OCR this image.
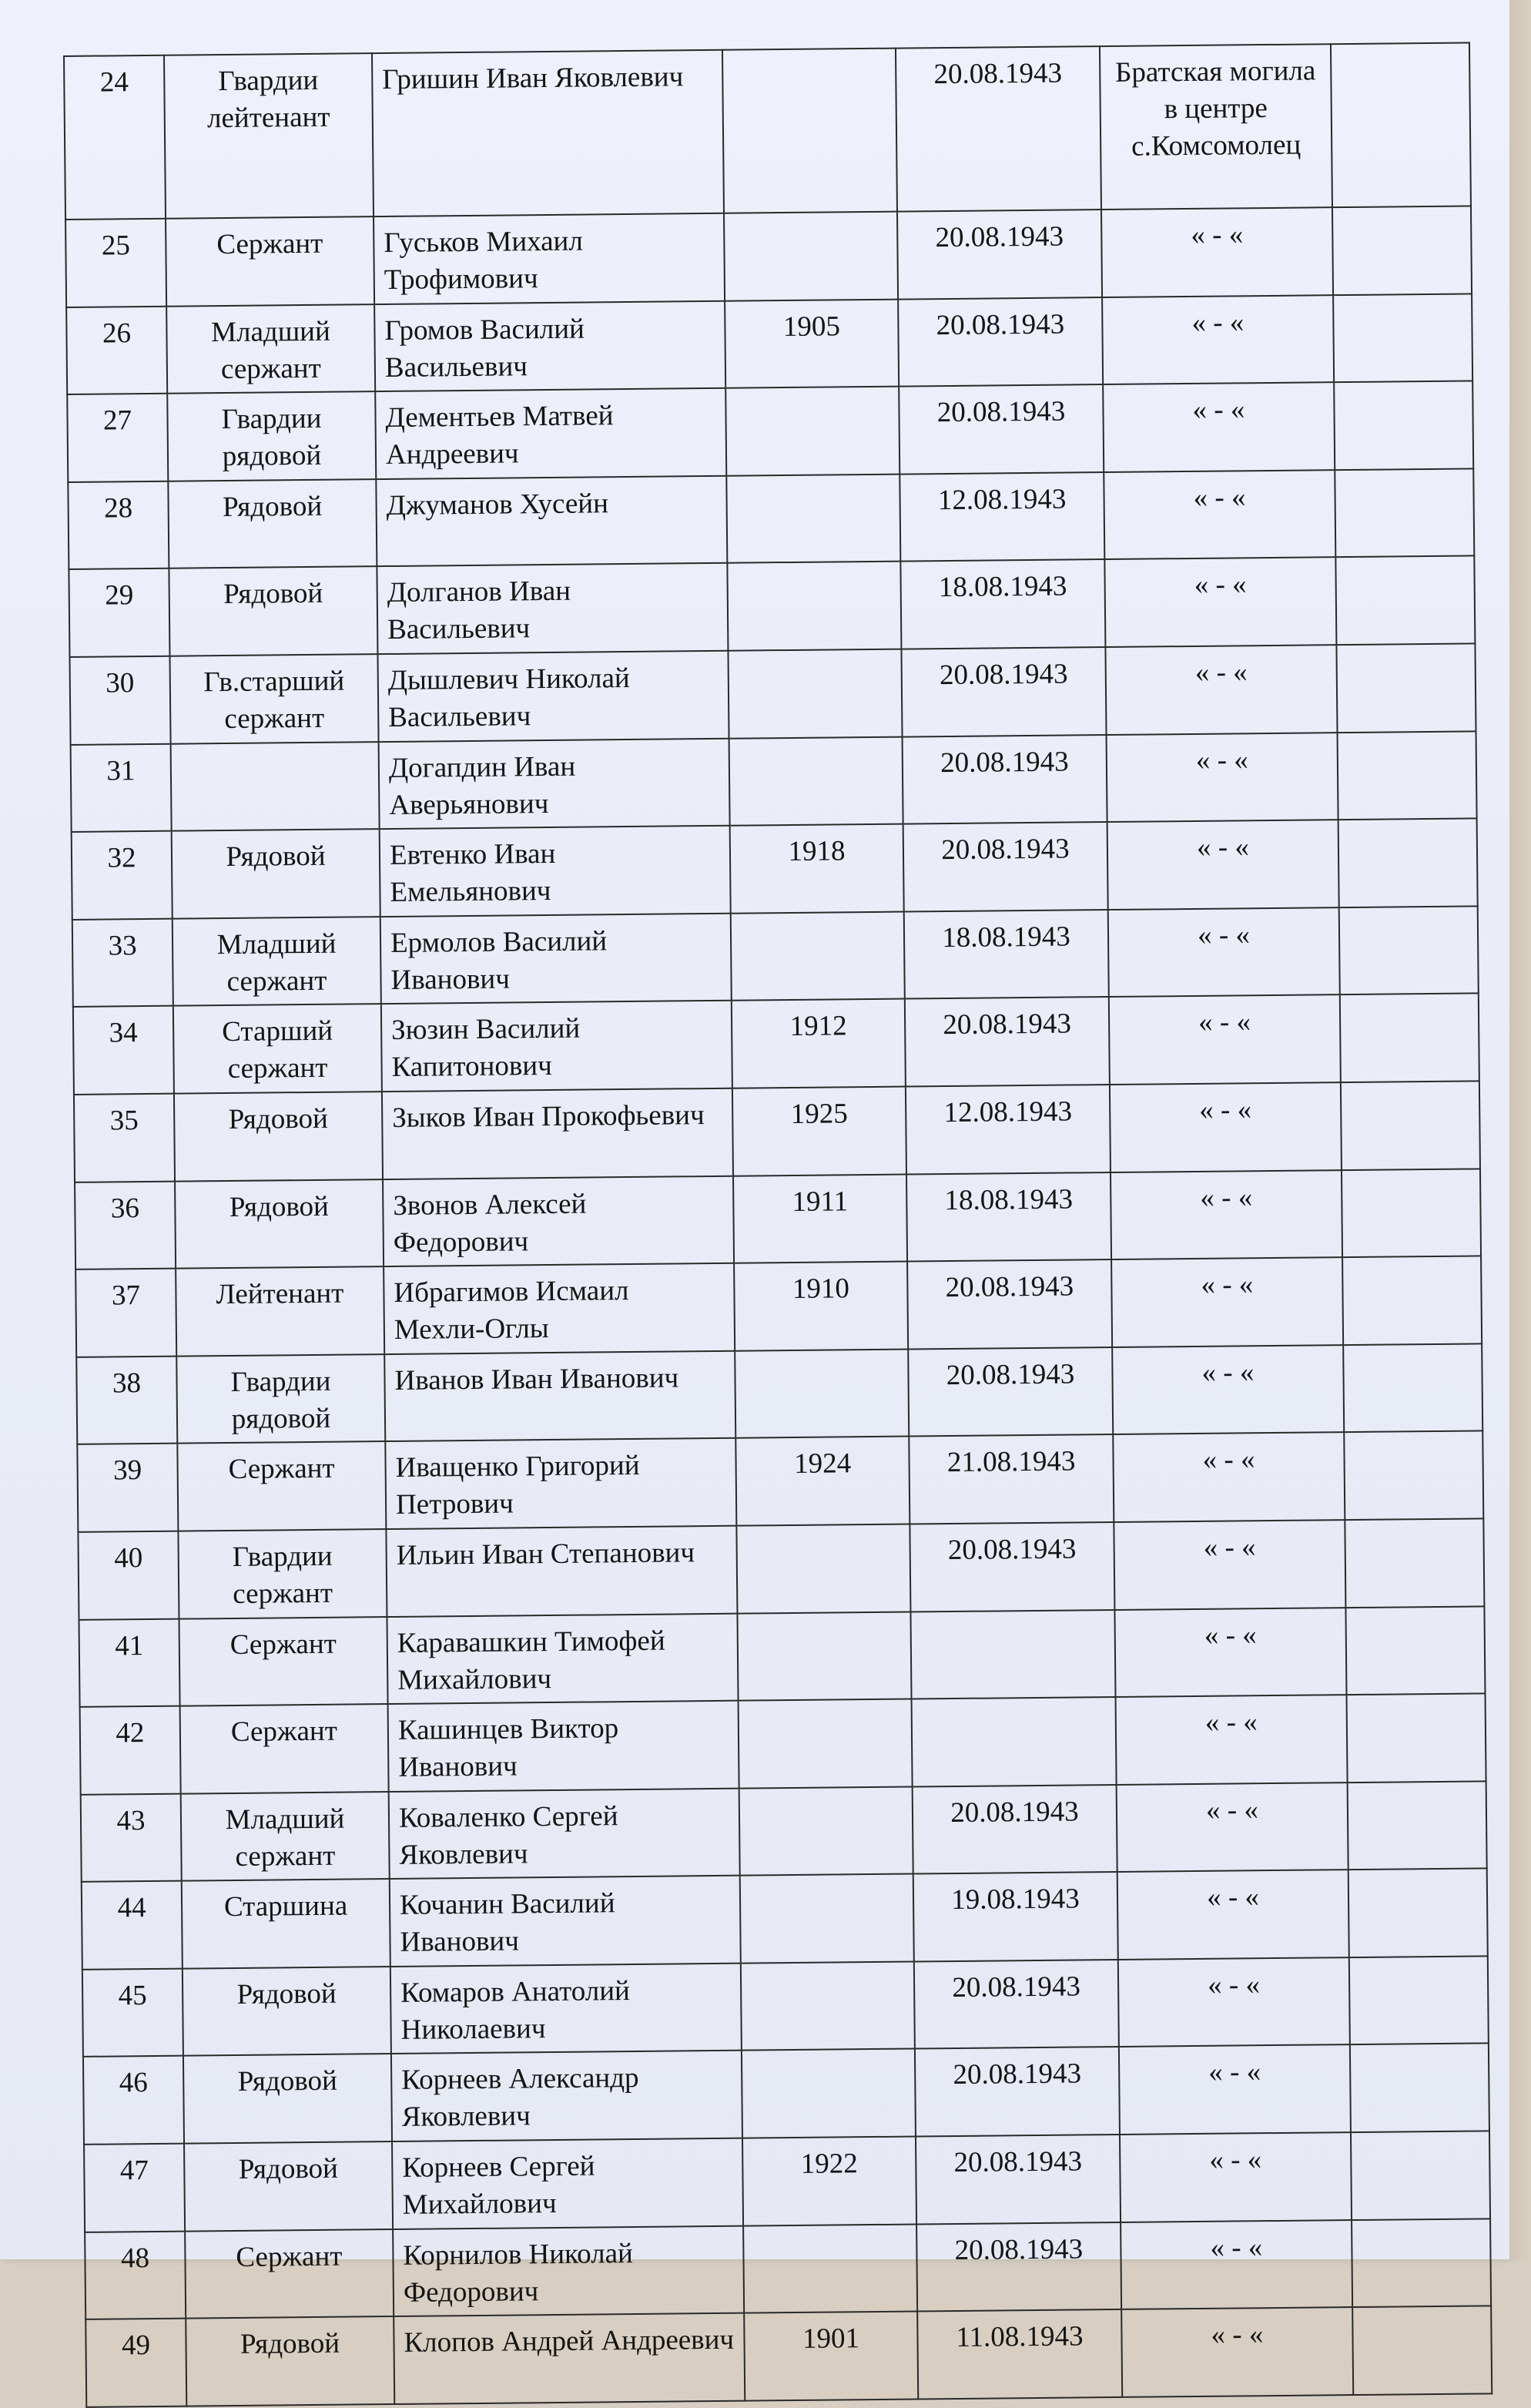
24	Гвардии лейтенант	Гришин Иван Яковлевич		20.08.1943	Братская могила в центре с.Комсомолец	
25	Сержант	Гуськов Михаил Трофимович		20.08.1943	« - «	
26	Младший сержант	Громов Василий Васильевич	1905	20.08.1943	« - «	
27	Гвардии рядовой	Дементьев Матвей Андреевич		20.08.1943	« - «	
28	Рядовой	Джуманов Хусейн		12.08.1943	« - «	
29	Рядовой	Долганов Иван Васильевич		18.08.1943	« - «	
30	Гв.старший сержант	Дышлевич Николай Васильевич		20.08.1943	« - «	
31		Догапдин Иван Аверьянович		20.08.1943	« - «	
32	Рядовой	Евтенко Иван Емельянович	1918	20.08.1943	« - «	
33	Младший сержант	Ермолов Василий Иванович		18.08.1943	« - «	
34	Старший сержант	Зюзин Василий Капитонович	1912	20.08.1943	« - «	
35	Рядовой	Зыков Иван Прокофьевич	1925	12.08.1943	« - «	
36	Рядовой	Звонов Алексей Федорович	1911	18.08.1943	« - «	
37	Лейтенант	Ибрагимов Исмаил Мехли-Оглы	1910	20.08.1943	« - «	
38	Гвардии рядовой	Иванов Иван Иванович		20.08.1943	« - «	
39	Сержант	Иващенко Григорий Петрович	1924	21.08.1943	« - «	
40	Гвардии сержант	Ильин Иван Степанович		20.08.1943	« - «	
41	Сержант	Каравашкин Тимофей Михайлович			« - «	
42	Сержант	Кашинцев Виктор Иванович			« - «	
43	Младший сержант	Коваленко Сергей Яковлевич		20.08.1943	« - «	
44	Старшина	Кочанин Василий Иванович		19.08.1943	« - «	
45	Рядовой	Комаров Анатолий Николаевич		20.08.1943	« - «	
46	Рядовой	Корнеев Александр Яковлевич		20.08.1943	« - «	
47	Рядовой	Корнеев Сергей Михайлович	1922	20.08.1943	« - «	
48	Сержант	Корнилов Николай Федорович		20.08.1943	« - «	
49	Рядовой	Клопов Андрей Андреевич	1901	11.08.1943	« - «	
